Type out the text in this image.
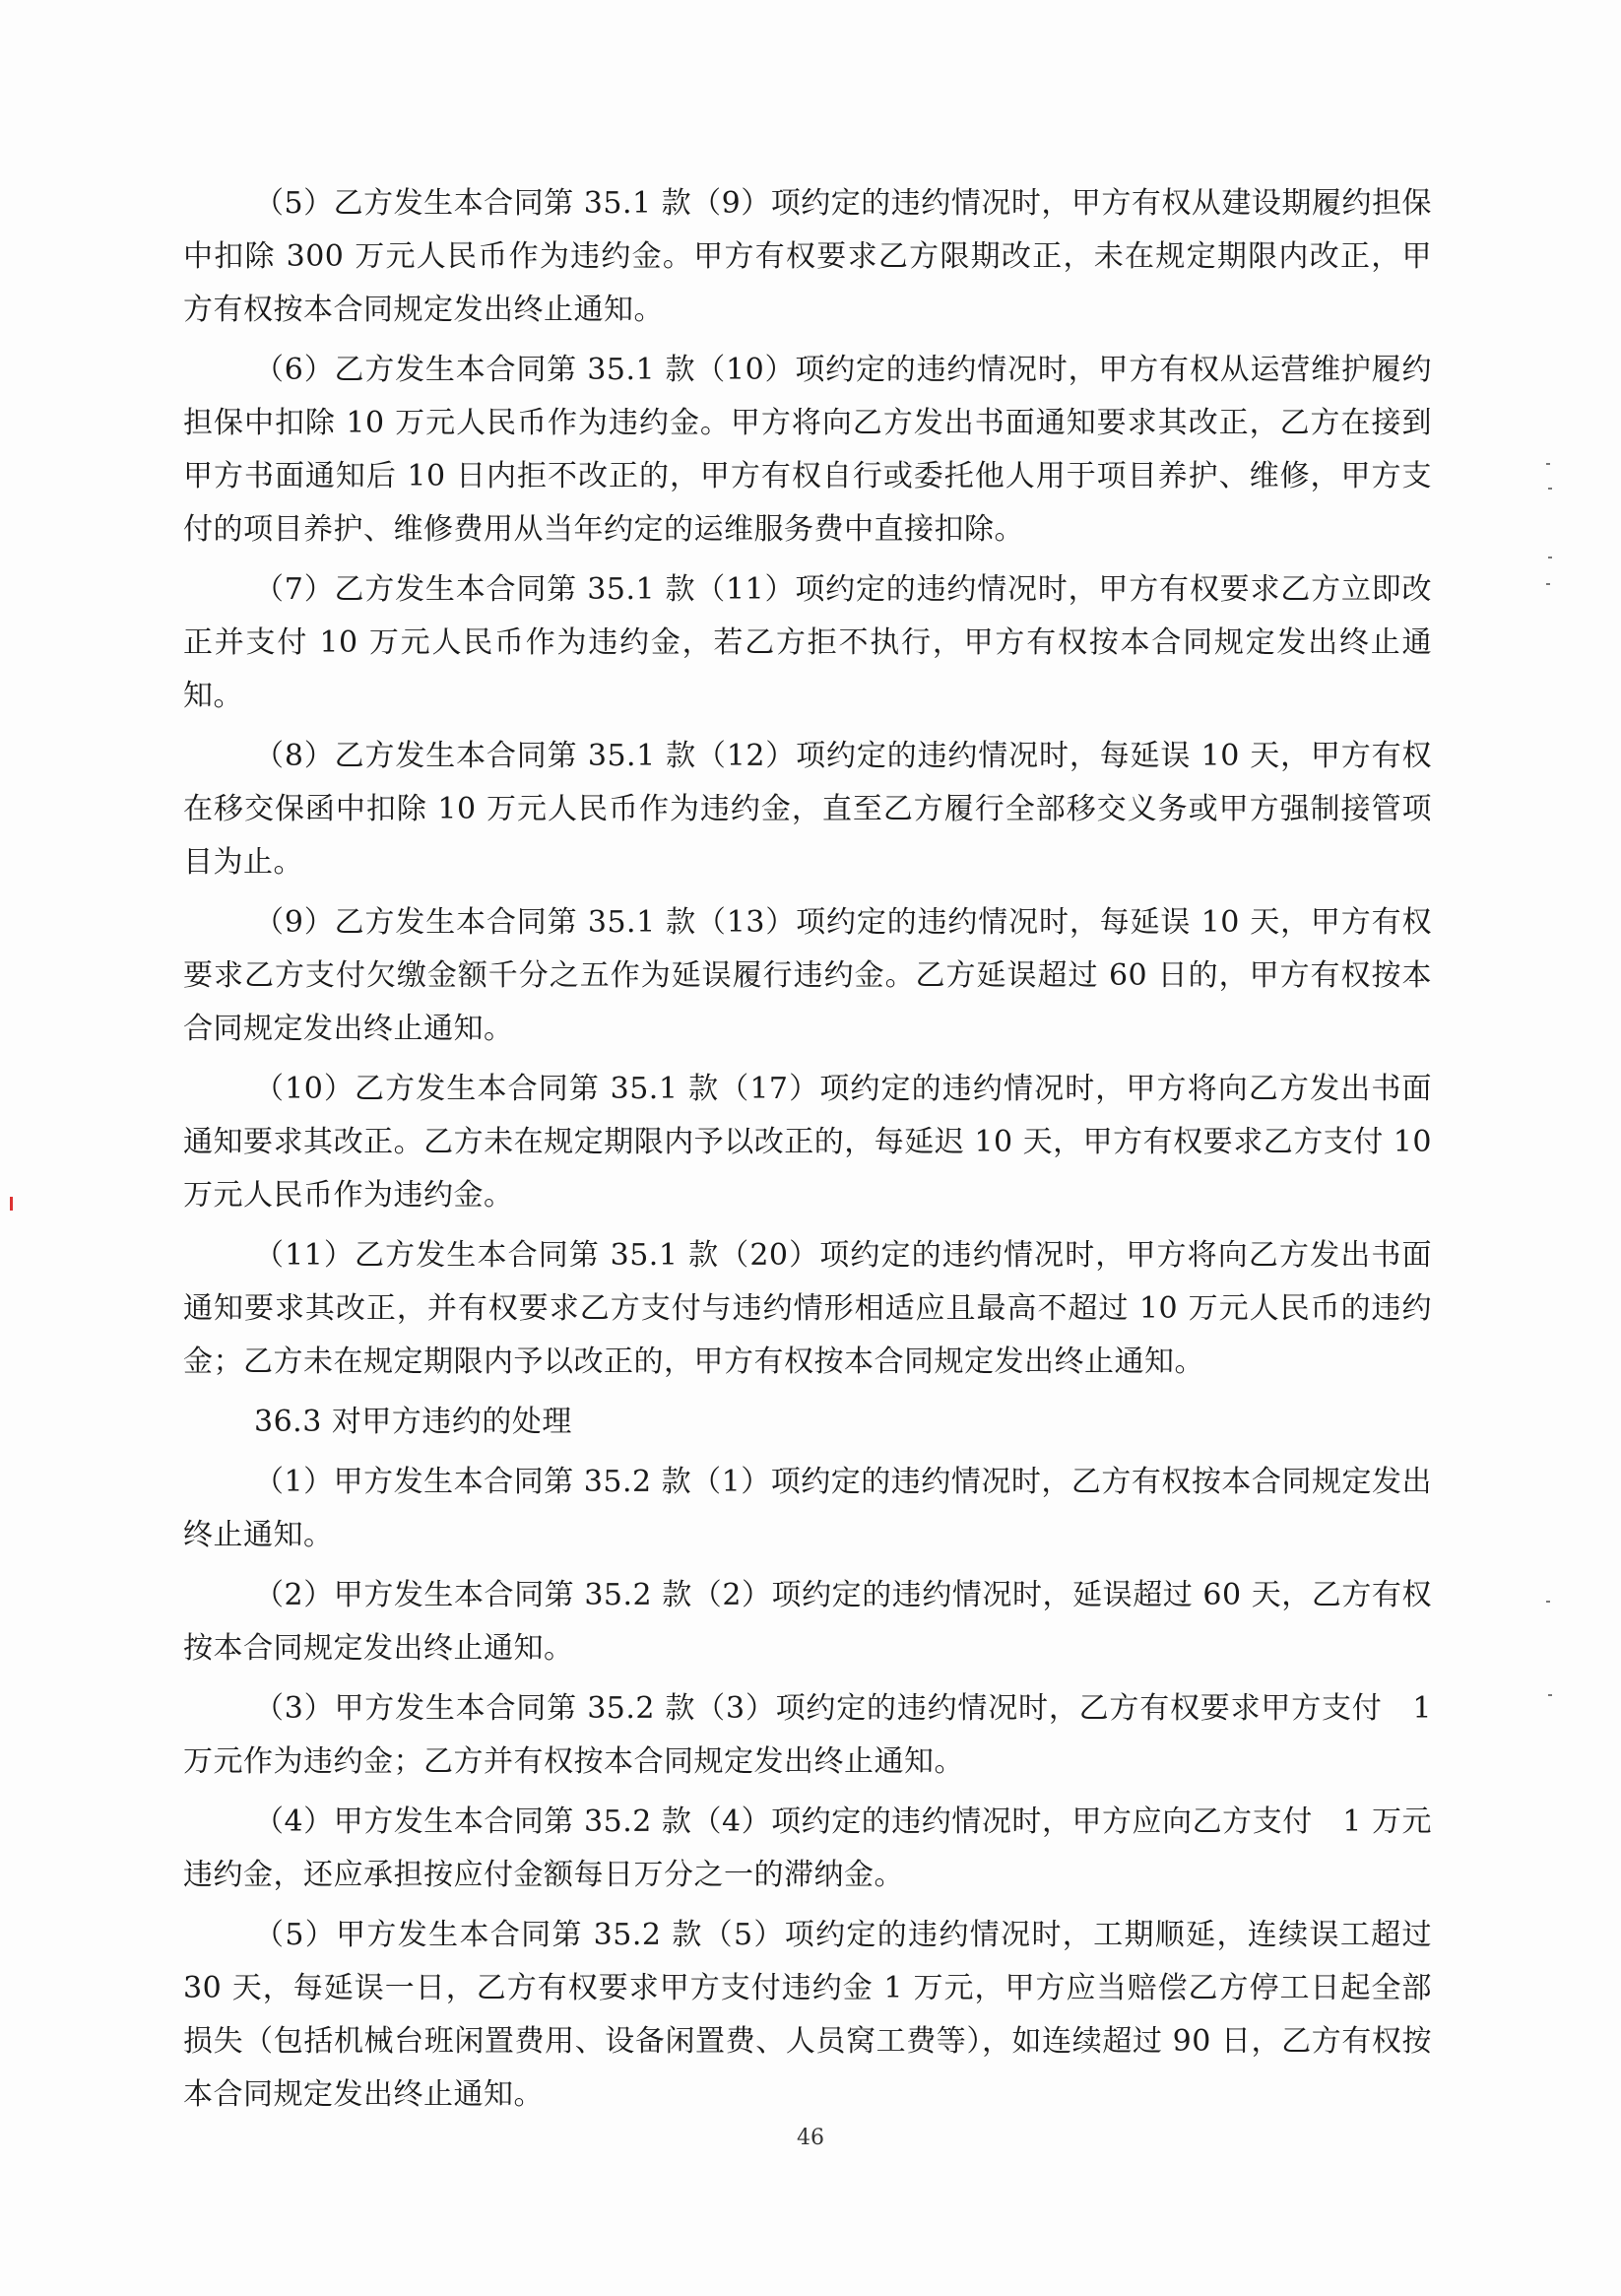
（5）乙方发生本合同第 35.1 款（9）项约定的违约情况时，甲方有权从建设期履约担保中扣除 300 万元人民币作为违约金。甲方有权要求乙方限期改正，未在规定期限内改正，甲方有权按本合同规定发出终止通知。

（6）乙方发生本合同第 35.1 款（10）项约定的违约情况时，甲方有权从运营维护履约担保中扣除 10 万元人民币作为违约金。甲方将向乙方发出书面通知要求其改正，乙方在接到甲方书面通知后 10 日内拒不改正的，甲方有权自行或委托他人用于项目养护、维修，甲方支付的项目养护、维修费用从当年约定的运维服务费中直接扣除。

（7）乙方发生本合同第 35.1 款（11）项约定的违约情况时，甲方有权要求乙方立即改正并支付 10 万元人民币作为违约金，若乙方拒不执行，甲方有权按本合同规定发出终止通知。

（8）乙方发生本合同第 35.1 款（12）项约定的违约情况时，每延误 10 天，甲方有权在移交保函中扣除 10 万元人民币作为违约金，直至乙方履行全部移交义务或甲方强制接管项目为止。

（9）乙方发生本合同第 35.1 款（13）项约定的违约情况时，每延误 10 天，甲方有权要求乙方支付欠缴金额千分之五作为延误履行违约金。乙方延误超过 60 日的，甲方有权按本合同规定发出终止通知。

（10）乙方发生本合同第 35.1 款（17）项约定的违约情况时，甲方将向乙方发出书面通知要求其改正。乙方未在规定期限内予以改正的，每延迟 10 天，甲方有权要求乙方支付 10 万元人民币作为违约金。

（11）乙方发生本合同第 35.1 款（20）项约定的违约情况时，甲方将向乙方发出书面通知要求其改正，并有权要求乙方支付与违约情形相适应且最高不超过 10 万元人民币的违约金；乙方未在规定期限内予以改正的，甲方有权按本合同规定发出终止通知。

36.3 对甲方违约的处理

（1）甲方发生本合同第 35.2 款（1）项约定的违约情况时，乙方有权按本合同规定发出终止通知。

（2）甲方发生本合同第 35.2 款（2）项约定的违约情况时，延误超过 60 天，乙方有权按本合同规定发出终止通知。

（3）甲方发生本合同第 35.2 款（3）项约定的违约情况时，乙方有权要求甲方支付　1 万元作为违约金；乙方并有权按本合同规定发出终止通知。

（4）甲方发生本合同第 35.2 款（4）项约定的违约情况时，甲方应向乙方支付　1 万元违约金，还应承担按应付金额每日万分之一的滞纳金。

（5）甲方发生本合同第 35.2 款（5）项约定的违约情况时，工期顺延，连续误工超过 30 天，每延误一日，乙方有权要求甲方支付违约金 1 万元，甲方应当赔偿乙方停工日起全部损失（包括机械台班闲置费用、设备闲置费、人员窝工费等），如连续超过 90 日，乙方有权按本合同规定发出终止通知。

46
